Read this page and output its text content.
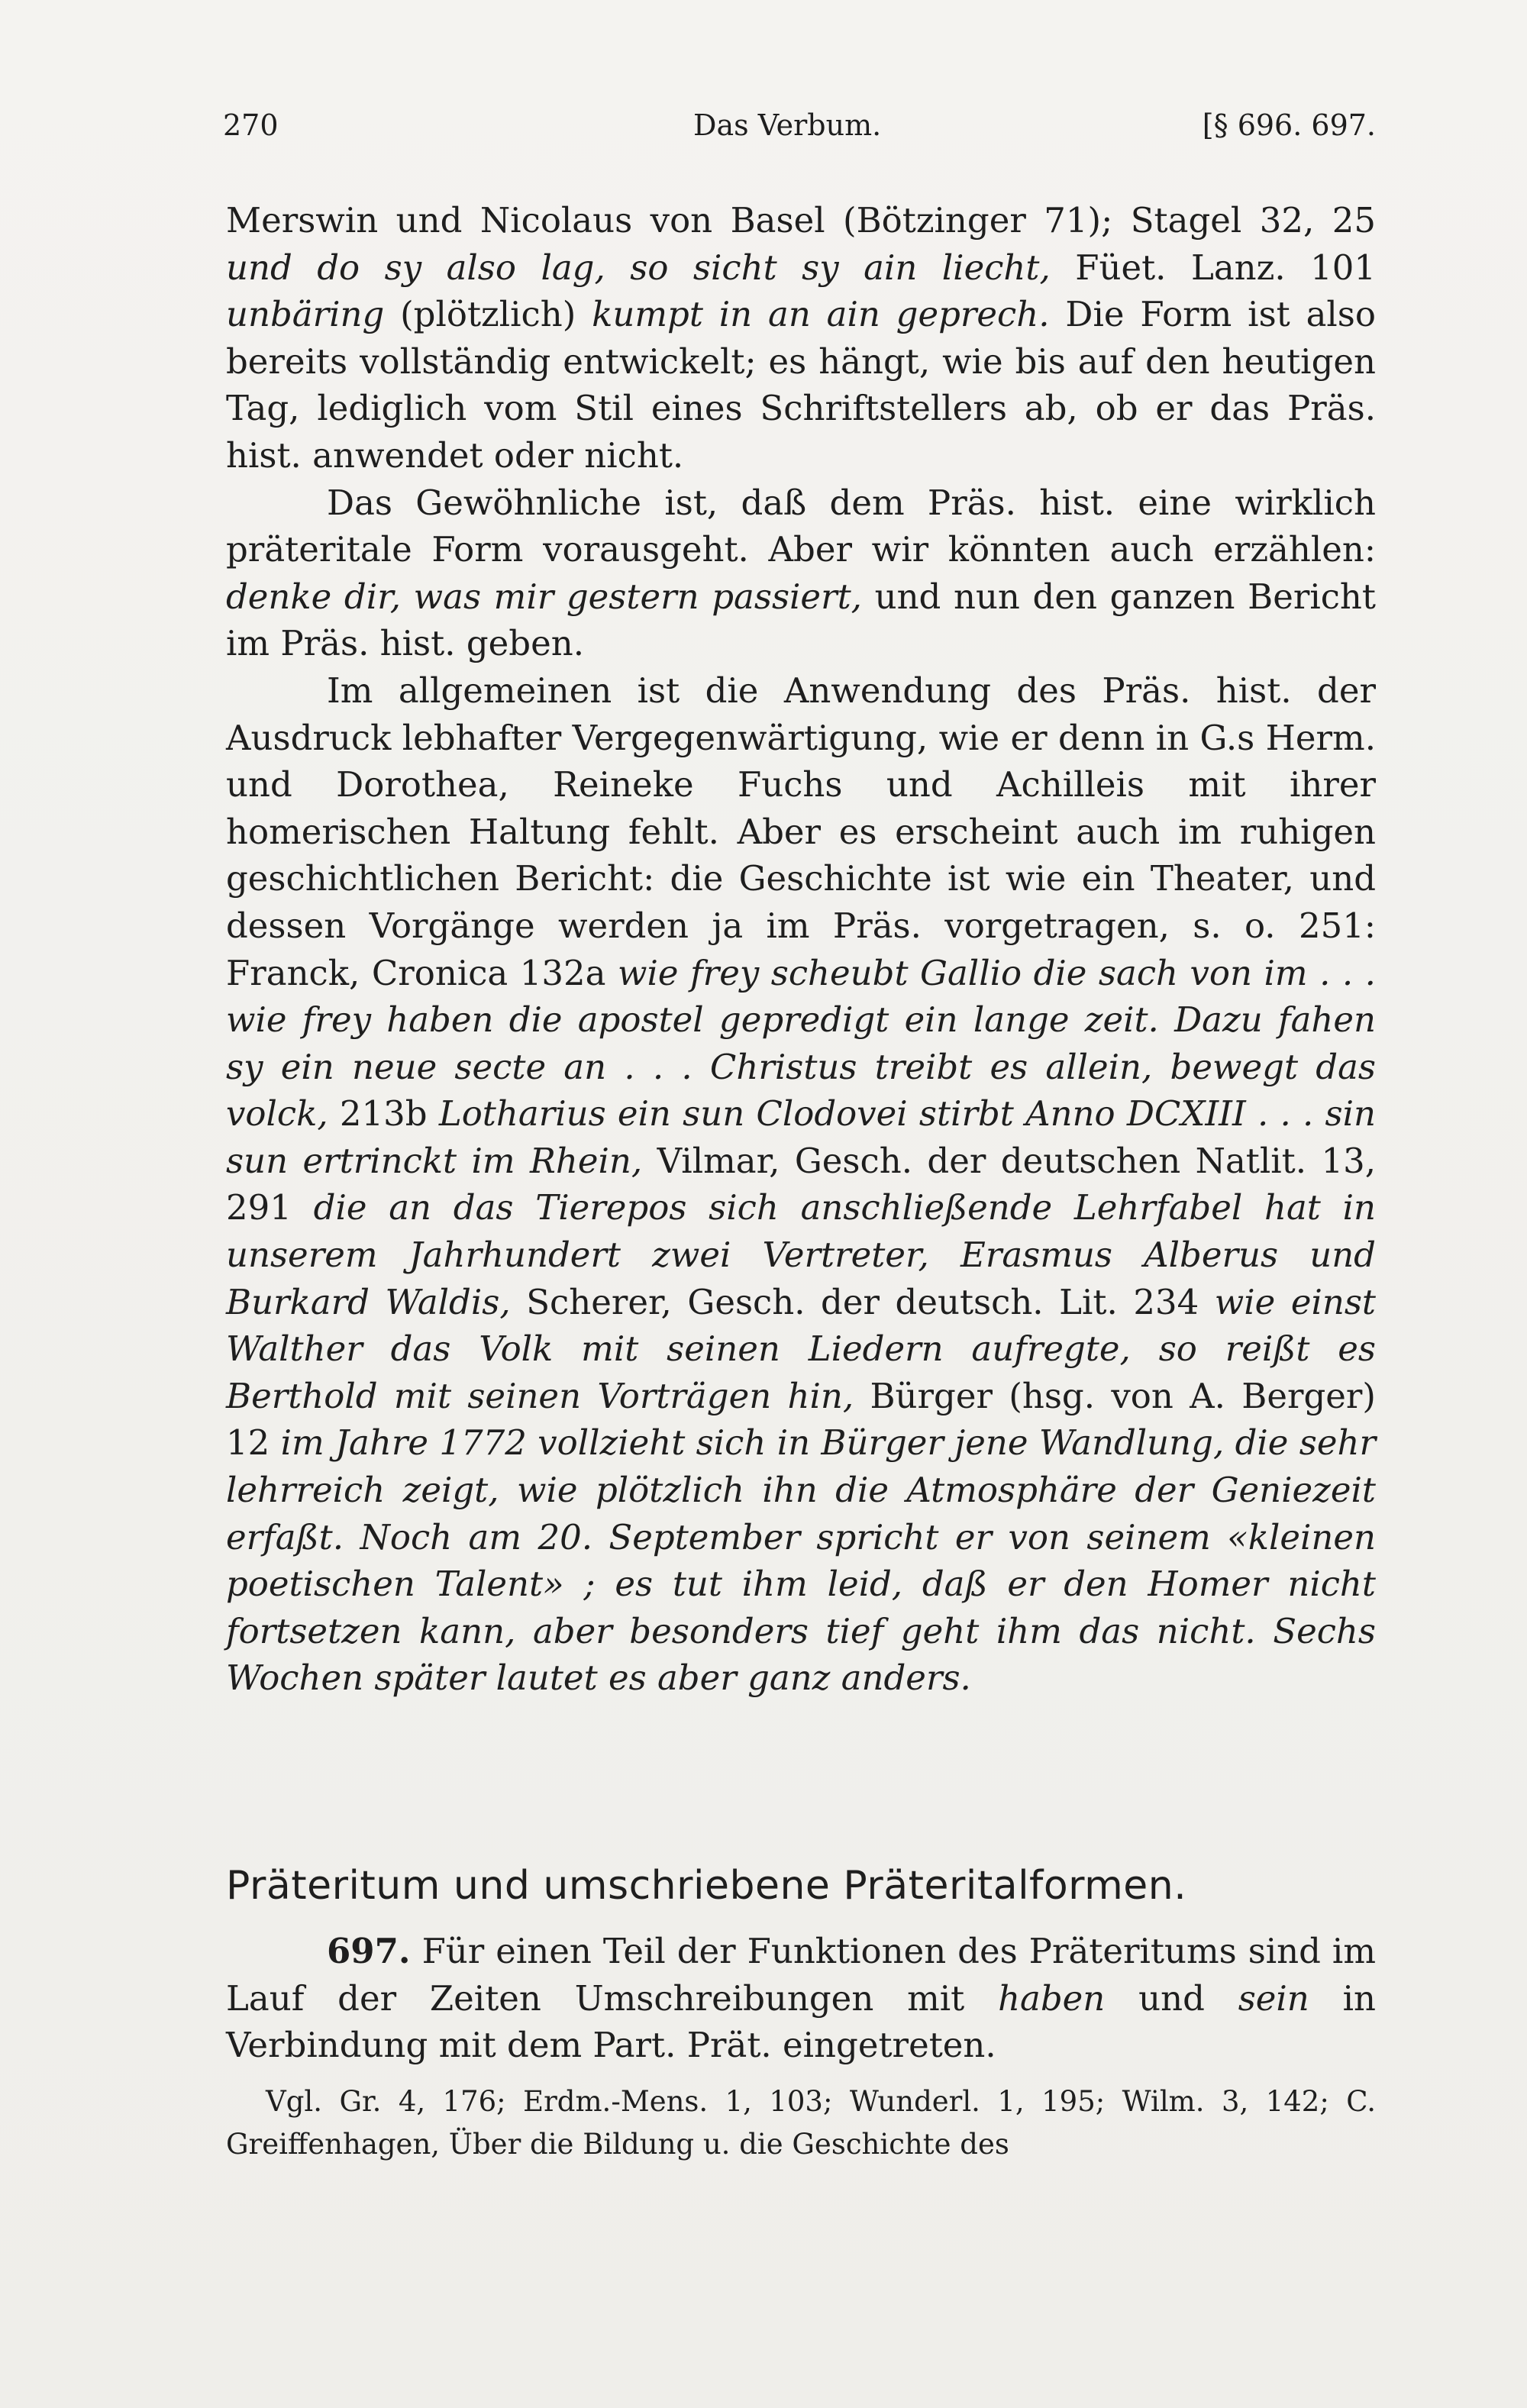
270	Das Verbum.	[§ 696. 697.

Merswin und Nicolaus von Basel (Bötzinger 71); Stagel 32, 25 und do sy also lag, so sicht sy ain liecht, Füet. Lanz. 101 unbäring (plötzlich) kumpt in an ain geprech. Die Form ist also bereits vollständig entwickelt; es hängt, wie bis auf den heutigen Tag, lediglich vom Stil eines Schriftstellers ab, ob er das Präs. hist. anwendet oder nicht.

Das Gewöhnliche ist, daß dem Präs. hist. eine wirklich präteritale Form vorausgeht. Aber wir könnten auch erzählen: denke dir, was mir gestern passiert, und nun den ganzen Bericht im Präs. hist. geben.

Im allgemeinen ist die Anwendung des Präs. hist. der Ausdruck lebhafter Vergegenwärtigung, wie er denn in G.s Herm. und Dorothea, Reineke Fuchs und Achilleis mit ihrer homerischen Haltung fehlt. Aber es erscheint auch im ruhigen geschichtlichen Bericht: die Geschichte ist wie ein Theater, und dessen Vorgänge werden ja im Präs. vorgetragen, s. o. 251: Franck, Cronica 132a wie frey scheubt Gallio die sach von im . . . wie frey haben die apostel gepredigt ein lange zeit. Dazu fahen sy ein neue secte an . . . Christus treibt es allein, bewegt das volck, 213b Lotharius ein sun Clodovei stirbt Anno DCXIII . . . sin sun ertrinckt im Rhein, Vilmar, Gesch. der deutschen Natlit. 13, 291 die an das Tierepos sich anschließende Lehrfabel hat in unserem Jahrhundert zwei Vertreter, Erasmus Alberus und Burkard Waldis, Scherer, Gesch. der deutsch. Lit. 234 wie einst Walther das Volk mit seinen Liedern aufregte, so reißt es Berthold mit seinen Vorträgen hin, Bürger (hsg. von A. Berger) 12 im Jahre 1772 vollzieht sich in Bürger jene Wandlung, die sehr lehrreich zeigt, wie plötzlich ihn die Atmosphäre der Geniezeit erfaßt. Noch am 20. September spricht er von seinem «kleinen poetischen Talent» ; es tut ihm leid, daß er den Homer nicht fortsetzen kann, aber besonders tief geht ihm das nicht. Sechs Wochen später lautet es aber ganz anders.

Präteritum und umschriebene Präteritalformen.

697. Für einen Teil der Funktionen des Präteritums sind im Lauf der Zeiten Umschreibungen mit haben und sein in Verbindung mit dem Part. Prät. eingetreten.

Vgl. Gr. 4, 176; Erdm.-Mens. 1, 103; Wunderl. 1, 195; Wilm. 3, 142; C. Greiffenhagen, Über die Bildung u. die Geschichte des
